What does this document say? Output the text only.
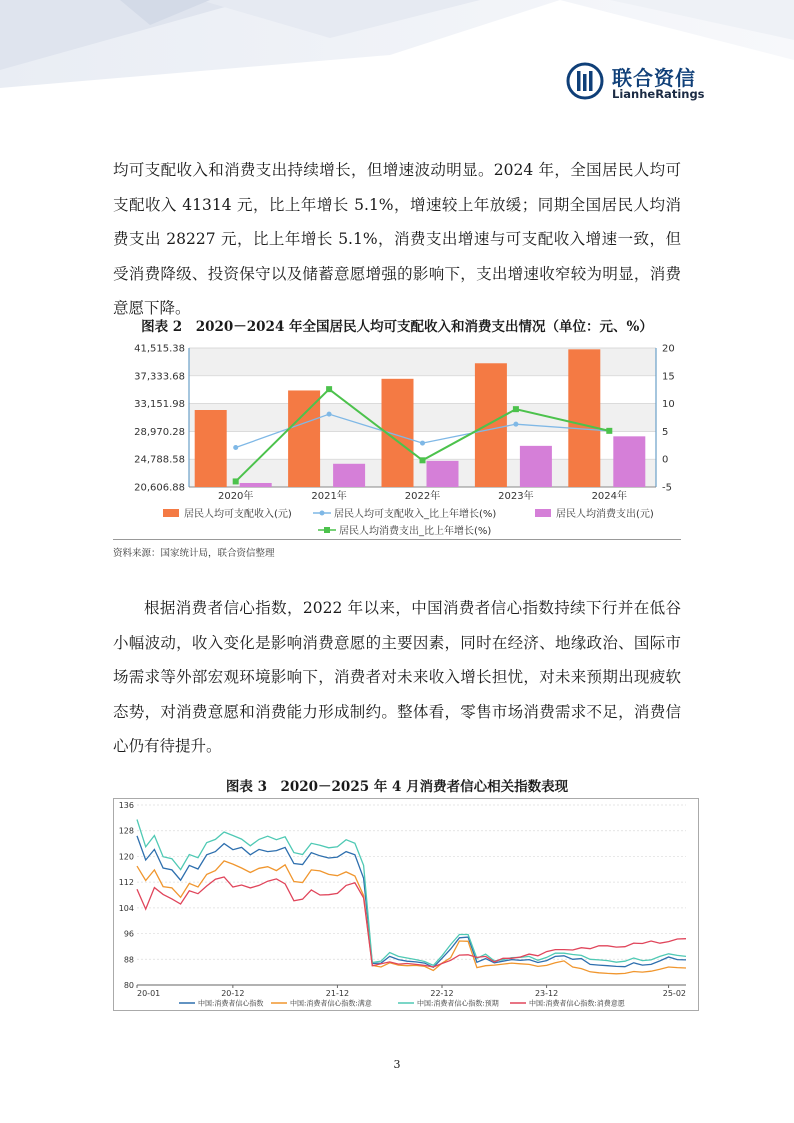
联合资信
LianheRatings

均可支配收入和消费支出持续增长，但增速波动明显。2024 年，全国居民人均可支配收入 41314 元，比上年增长 5.1%，增速较上年放缓；同期全国居民人均消费支出 28227 元，比上年增长 5.1%，消费支出增速与可支配收入增速一致，但受消费降级、投资保守以及储蓄意愿增强的影响下，支出增速收窄较为明显，消费意愿下降。

图表 2　2020－2024 年全国居民人均可支配收入和消费支出情况（单位：元、%）

41,515.38	20
37,333.68	15
33,151.98	10
28,970.28	5
24,788.58	0
20,606.88	-5
2020年	2021年	2022年	2023年	2024年
居民人均可支配收入(元)	居民人均可支配收入_比上年增长(%)	居民人均消费支出(元)
居民人均消费支出_比上年增长(%)

资料来源：国家统计局，联合资信整理

根据消费者信心指数，2022 年以来，中国消费者信心指数持续下行并在低谷小幅波动，收入变化是影响消费意愿的主要因素，同时在经济、地缘政治、国际市场需求等外部宏观环境影响下，消费者对未来收入增长担忧，对未来预期出现疲软态势，对消费意愿和消费能力形成制约。整体看，零售市场消费需求不足，消费信心仍有待提升。

图表 3　2020－2025 年 4 月消费者信心相关指数表现

136
128
120
112
104
96
88
80
20-01	20-12	21-12	22-12	23-12	25-02
中国:消费者信心指数	中国:消费者信心指数:满意	中国:消费者信心指数:预期	中国:消费者信心指数:消费意愿

3
